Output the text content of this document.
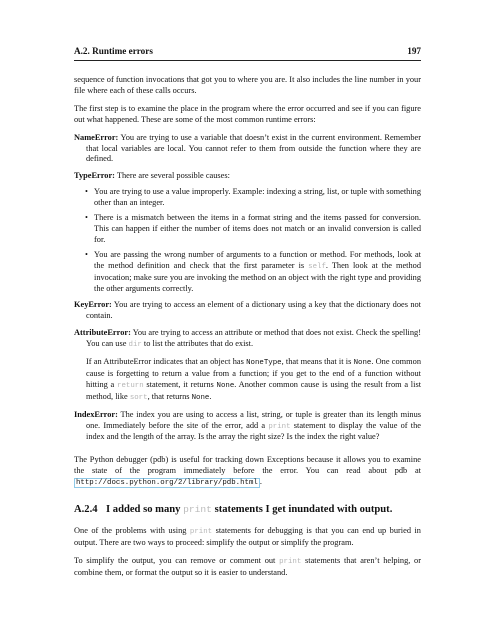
A.2. Runtime errors	197

sequence of function invocations that got you to where you are. It also includes the line number in your file where each of these calls occurs.

The first step is to examine the place in the program where the error occurred and see if you can figure out what happened. These are some of the most common runtime errors:

NameError: You are trying to use a variable that doesn’t exist in the current environment. Remember that local variables are local. You cannot refer to them from outside the function where they are defined.
TypeError: There are several possible causes:
• You are trying to use a value improperly. Example: indexing a string, list, or tuple with something other than an integer.
• There is a mismatch between the items in a format string and the items passed for conversion. This can happen if either the number of items does not match or an invalid conversion is called for.
• You are passing the wrong number of arguments to a function or method. For methods, look at the method definition and check that the first parameter is self. Then look at the method invocation; make sure you are invoking the method on an object with the right type and providing the other arguments correctly.
KeyError: You are trying to access an element of a dictionary using a key that the dictionary does not contain.
AttributeError: You are trying to access an attribute or method that does not exist. Check the spelling! You can use dir to list the attributes that do exist.
If an AttributeError indicates that an object has NoneType, that means that it is None. One common cause is forgetting to return a value from a function; if you get to the end of a function without hitting a return statement, it returns None. Another common cause is using the result from a list method, like sort, that returns None.
IndexError: The index you are using to access a list, string, or tuple is greater than its length minus one. Immediately before the site of the error, add a print statement to display the value of the index and the length of the array. Is the array the right size? Is the index the right value?

The Python debugger (pdb) is useful for tracking down Exceptions because it allows you to examine the state of the program immediately before the error. You can read about pdb at http://docs.python.org/2/library/pdb.html .

A.2.4 I added so many print statements I get inundated with output.

One of the problems with using print statements for debugging is that you can end up buried in output. There are two ways to proceed: simplify the output or simplify the program.

To simplify the output, you can remove or comment out print statements that aren’t helping, or combine them, or format the output so it is easier to understand.
